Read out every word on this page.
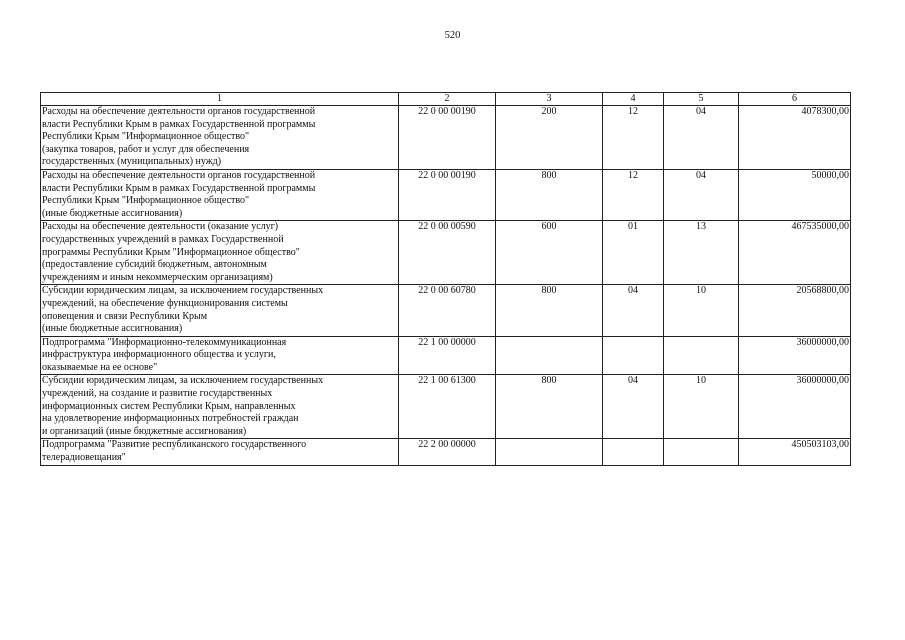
520
1	2	3	4	5	6

Расходы на обеспечение деятельности органов государственной
власти Республики Крым в рамках Государственной программы
Республики Крым "Информационное общество"
(закупка товаров, работ и услуг для обеспечения
государственных (муниципальных) нужд)	22 0 00 00190	200	12	04	4078300,00

Расходы на обеспечение деятельности органов государственной
власти Республики Крым в рамках Государственной программы
Республики Крым "Информационное общество"
(иные бюджетные ассигнования)	22 0 00 00190	800	12	04	50000,00

Расходы на обеспечение деятельности (оказание услуг)
государственных учреждений в рамках Государственной
программы Республики Крым "Информационное общество"
(предоставление субсидий бюджетным, автономным
учреждениям и иным некоммерческим организациям)	22 0 00 00590	600	01	13	467535000,00

Субсидии юридическим лицам, за исключением государственных
учреждений, на обеспечение функционирования системы
оповещения и связи Республики Крым
(иные бюджетные ассигнования)	22 0 00 60780	800	04	10	20568800,00

Подпрограмма "Информационно-телекоммуникационная
инфраструктура информационного общества и услуги,
оказываемые на ее основе"	22 1 00 00000				36000000,00

Субсидии юридическим лицам, за исключением государственных
учреждений, на создание и развитие государственных
информационных систем Республики Крым, направленных
на удовлетворение информационных потребностей граждан
и организаций (иные бюджетные ассигнования)	22 1 00 61300	800	04	10	36000000,00

Подпрограмма "Развитие республиканского государственного
телерадиовещания"	22 2 00 00000				450503103,00
